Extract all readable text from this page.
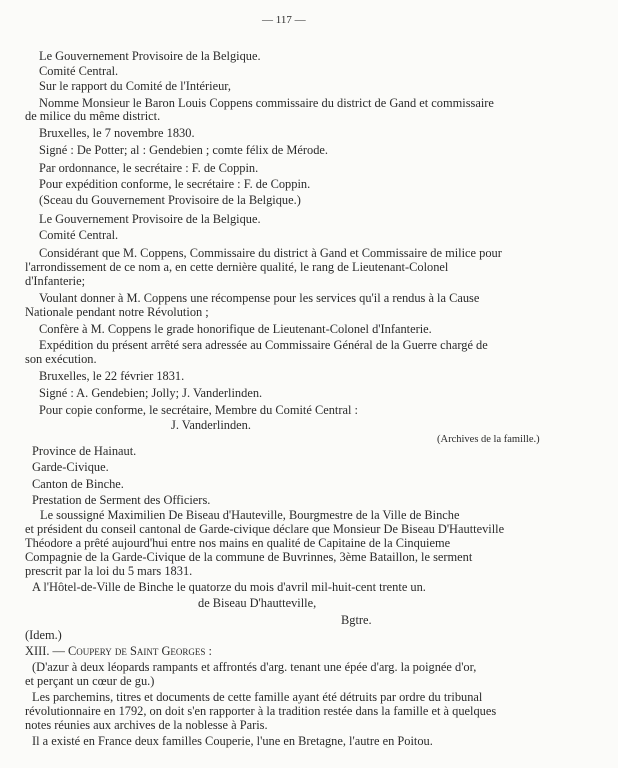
— 117 —
Le Gouvernement Provisoire de la Belgique.
Comité Central.
Sur le rapport du Comité de l'Intérieur,
Nomme Monsieur le Baron Louis Coppens commissaire du district de Gand et commissaire
de milice du même district.
Bruxelles, le 7 novembre 1830.
Signé : De Potter; al : Gendebien ; comte félix de Mérode.
Par ordonnance, le secrétaire : F. de Coppin.
Pour expédition conforme, le secrétaire : F. de Coppin.
(Sceau du Gouvernement Provisoire de la Belgique.)
Le Gouvernement Provisoire de la Belgique.
Comité Central.
Considérant que M. Coppens, Commissaire du district à Gand et Commissaire de milice pour
l'arrondissement de ce nom a, en cette dernière qualité, le rang de Lieutenant-Colonel
d'Infanterie;
Voulant donner à M. Coppens une récompense pour les services qu'il a rendus à la Cause
Nationale pendant notre Révolution ;
Confère à M. Coppens le grade honorifique de Lieutenant-Colonel d'Infanterie.
Expédition du présent arrêté sera adressée au Commissaire Général de la Guerre chargé de
son exécution.
Bruxelles, le 22 février 1831.
Signé : A. Gendebien; Jolly; J. Vanderlinden.
Pour copie conforme, le secrétaire, Membre du Comité Central :
J. Vanderlinden.
(Archives de la famille.)
Province de Hainaut.
Garde-Civique.
Canton de Binche.
Prestation de Serment des Officiers.
Le soussigné Maximilien De Biseau d'Hauteville, Bourgmestre de la Ville de Binche
et président du conseil cantonal de Garde-civique déclare que Monsieur De Biseau D'Hautteville
Théodore a prêté aujourd'hui entre nos mains en qualité de Capitaine de la Cinquieme
Compagnie de la Garde-Civique de la commune de Buvrinnes, 3ème Bataillon, le serment
prescrit par la loi du 5 mars 1831.
A l'Hôtel-de-Ville de Binche le quatorze du mois d'avril mil-huit-cent trente un.
de Biseau D'hautteville,
Bgtre.
(Idem.)
XIII. — Coupery de Saint Georges :
(D'azur à deux léopards rampants et affrontés d'arg. tenant une épée d'arg. la poignée d'or,
et perçant un cœur de gu.)
Les parchemins, titres et documents de cette famille ayant été détruits par ordre du tribunal
révolutionnaire en 1792, on doit s'en rapporter à la tradition restée dans la famille et à quelques
notes réunies aux archives de la noblesse à Paris.
Il a existé en France deux familles Couperie, l'une en Bretagne, l'autre en Poitou.
